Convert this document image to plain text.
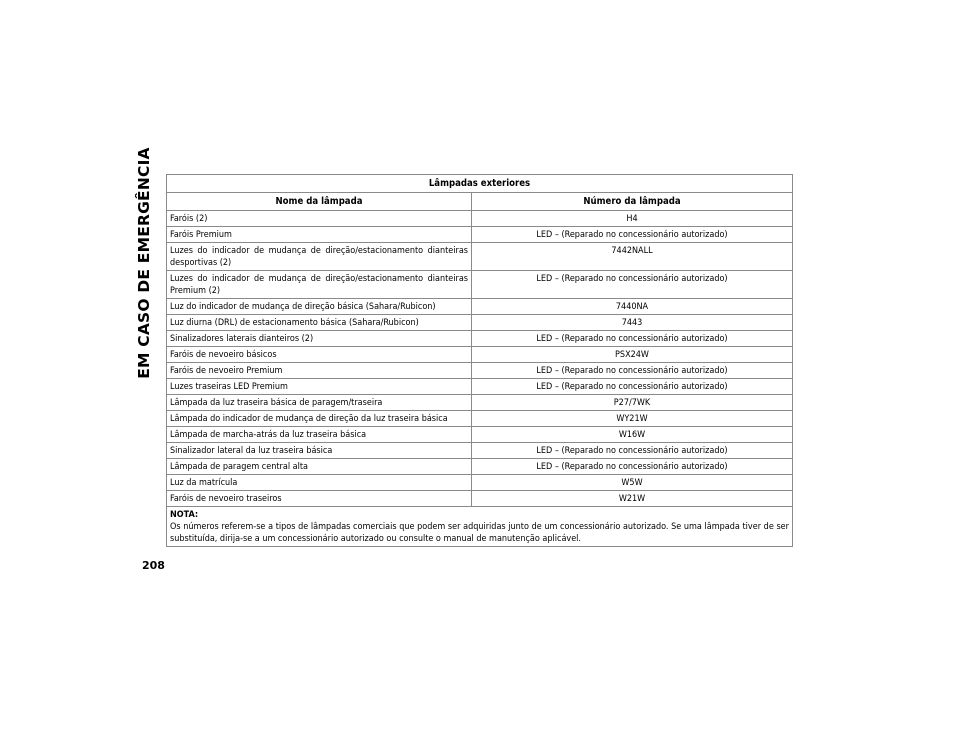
EM CASO DE EMERGÊNCIA	Lâmpadas exteriores	
Nome da lâmpada	Número da lâmpada
Faróis (2)	H4
Faróis Premium	LED – (Reparado no concessionário autorizado)
Luzes do indicador de mudança de direção/estacionamento dianteiras desportivas (2)	7442NALL
Luzes do indicador de mudança de direção/estacionamento dianteiras Premium (2)	LED – (Reparado no concessionário autorizado)
Luz do indicador de mudança de direção básica (Sahara/Rubicon)	7440NA
Luz diurna (DRL) de estacionamento básica (Sahara/Rubicon)	7443
Sinalizadores laterais dianteiros (2)	LED – (Reparado no concessionário autorizado)
Faróis de nevoeiro básicos	PSX24W
Faróis de nevoeiro Premium	LED – (Reparado no concessionário autorizado)
Luzes traseiras LED Premium	LED – (Reparado no concessionário autorizado)
Lâmpada da luz traseira básica de paragem/traseira	P27/7WK
Lâmpada do indicador de mudança de direção da luz traseira básica	WY21W
Lâmpada de marcha-atrás da luz traseira básica	W16W
Sinalizador lateral da luz traseira básica	LED – (Reparado no concessionário autorizado)
Lâmpada de paragem central alta	LED – (Reparado no concessionário autorizado)
Luz da matrícula	W5W
Faróis de nevoeiro traseiros	W21W

NOTA:
Os números referem-se a tipos de lâmpadas comerciais que podem ser adquiridas junto de um concessionário autorizado. Se uma lâmpada tiver de ser substituída, dirija-se a um concessionário autorizado ou consulte o manual de manutenção aplicável.	
208
